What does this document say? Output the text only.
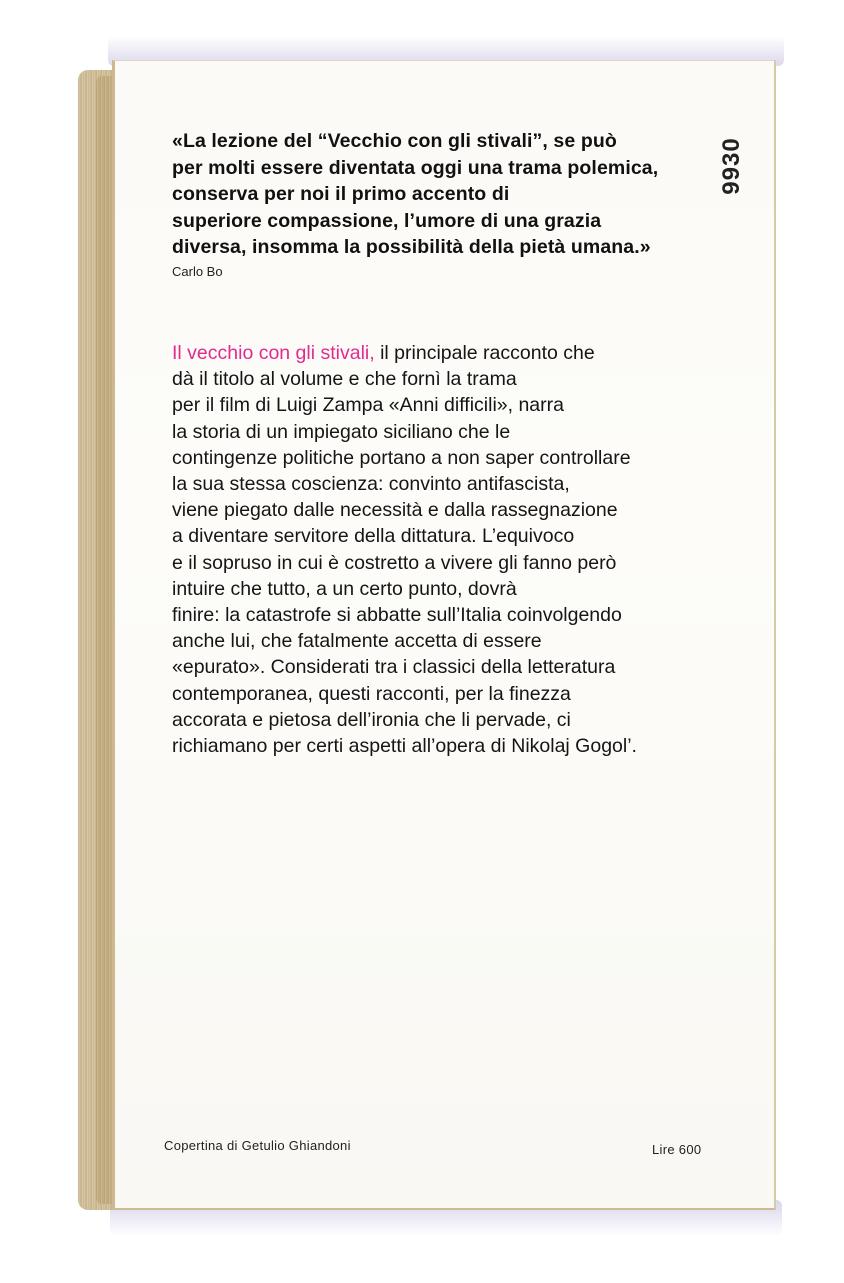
«La lezione del “Vecchio con gli stivali”, se può
per molti essere diventata oggi una trama polemica,
conserva per noi il primo accento di
superiore compassione, l’umore di una grazia
diversa, insomma la possibilità della pietà umana.»
Carlo Bo
9930
Il vecchio con gli stivali, il principale racconto che
dà il titolo al volume e che fornì la trama
per il film di Luigi Zampa «Anni difficili», narra
la storia di un impiegato siciliano che le
contingenze politiche portano a non saper controllare
la sua stessa coscienza: convinto antifascista,
viene piegato dalle necessità e dalla rassegnazione
a diventare servitore della dittatura. L’equivoco
e il sopruso in cui è costretto a vivere gli fanno però
intuire che tutto, a un certo punto, dovrà
finire: la catastrofe si abbatte sull’Italia coinvolgendo
anche lui, che fatalmente accetta di essere
«epurato». Considerati tra i classici della letteratura
contemporanea, questi racconti, per la finezza
accorata e pietosa dell’ironia che li pervade, ci
richiamano per certi aspetti all’opera di Nikolaj Gogol’.
Copertina di Getulio Ghiandoni	Lire 600
